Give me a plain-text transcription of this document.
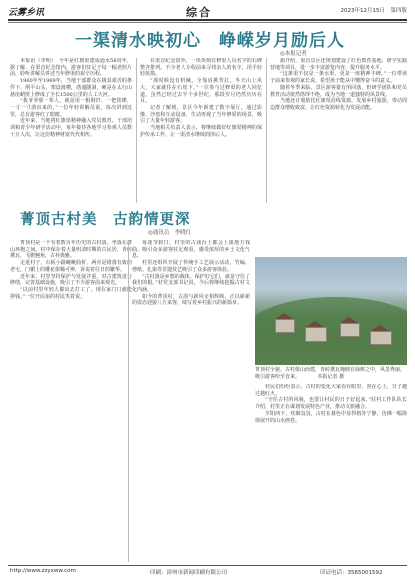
云雾乡讯	综合	2023年12月15日　第四版
一渠清水映初心　峥嵘岁月励后人
◎本报记者

本报讯（李明）　今年是红旗渠建成通水58周年，据了解，在渠首纪念馆内，游客们驻足于每一幅老照片前，聆听讲解员讲述当年修渠的艰辛历程。

1960年至1969年，当地干部群众在极其艰苦的条件下，削平山头，架设渡槽，凿通隧洞，硬是在太行山悬崖峭壁上修成了全长1500公里的人工天河。

“我爷爷那一辈人，就是用一根钢钎、一把铁锤，一寸一寸凿出来的。”一位年轻讲解员说，每次讲到这里，总有游客红了眼眶。

近年来，当地将红旗渠精神融入党员教育、干部培训和青少年研学活动中，每年接待各地学习参观人员数十万人次，让这份精神财富代代相传。

在渠首纪念馆外，一块块刻有修渠人员名字的石碑整齐排列。不少老人专程前来寻找亲人的名字，用手轻轻抚摸。

“那时候没有机械，全靠肩挑背扛。冬天山上风大，大家就住在石崖下。”一位参与过修渠的老人回忆道，虽然已经过去半个多世纪，那段岁月仍然历历在目。

记者了解到，景区今年新建了数字展厅，通过影像、沙盘和互动设备，生动再现了当年修渠的场景，吸引了大量年轻游客。

当地相关负责人表示，将继续做好红旗渠精神的保护传承工作，让一渠清水继续润泽后人。

据介绍，渠首景区还规划建设了红色教育基地、研学实践营地等项目，进一步丰富游览内容，提升服务水平。

“这条渠不仅是一条水渠，更是一座精神丰碑。”一位带孩子前来参观的家长说，希望孩子能从中懂得奋斗的意义。

随着冬季来临，景区游客量有所回落，但研学团队和党员教育活动依然络绎不绝，成为当地一道独特的风景线。

当地还计划依托红旗渠沿线资源，发展乡村旅游，带动周边群众增收致富，让红色资源转化为发展动能。

菁顶古村美　古韵情更深
◎通讯员　李晓红

菁顶村是一个有着数百年历史的古村落，坐落在群山环抱之间。村中保存着大量明清时期的古民居，青砖黛瓦，飞檐翘角，古朴典雅。

走进村子，石板小路蜿蜒曲折，两旁是错落有致的老宅，门楣上的雕花依稀可辨，诉说着往日的繁华。

近年来，村里坚持保护与发展并重，对古建筑进行修缮，完善基础设施，吸引了不少游客前来观光。

“以前村里年轻人都出去打工了，现在家门口就能挣钱。”一位开民宿的村民笑着说。

每逢节假日，村里的古戏台上都会上演地方戏曲，吸引众多游客驻足观看，感受浓厚的乡土文化气息。

村里还组织开展了传统手工艺展示活动，竹编、剪纸、扎染等非遗技艺吸引了众多游客体验。

“古村落是乡愁的载体，保护好它们，就是守住了我们的根。”村党支部书记说，今后将继续挖掘古村文化内涵。

如今的菁顶村，古韵与新风交相辉映，正以崭新的姿态迎接八方来客，续写着乡村振兴的新篇章。

菁顶村全貌。古村依山而建，青砖黛瓦掩映在绿树之中，风景秀丽，吸引游客纷至沓来。　　　　本报记者 摄

村民们纷纷表示，古村的变化大家看在眼里、喜在心上，日子越过越红火。

“守住古村的风貌，也要让村民的日子好起来。”驻村工作队队长介绍，村里正在谋划发展特色产业，推动文旅融合。

夕阳西下，炊烟袅袅，古村在暮色中显得格外宁静，仿佛一幅徐徐展开的山水画卷。

http://www.zzyxww.com	印刷：漳州市新闻印刷有限公司	印证电话：3565001592
